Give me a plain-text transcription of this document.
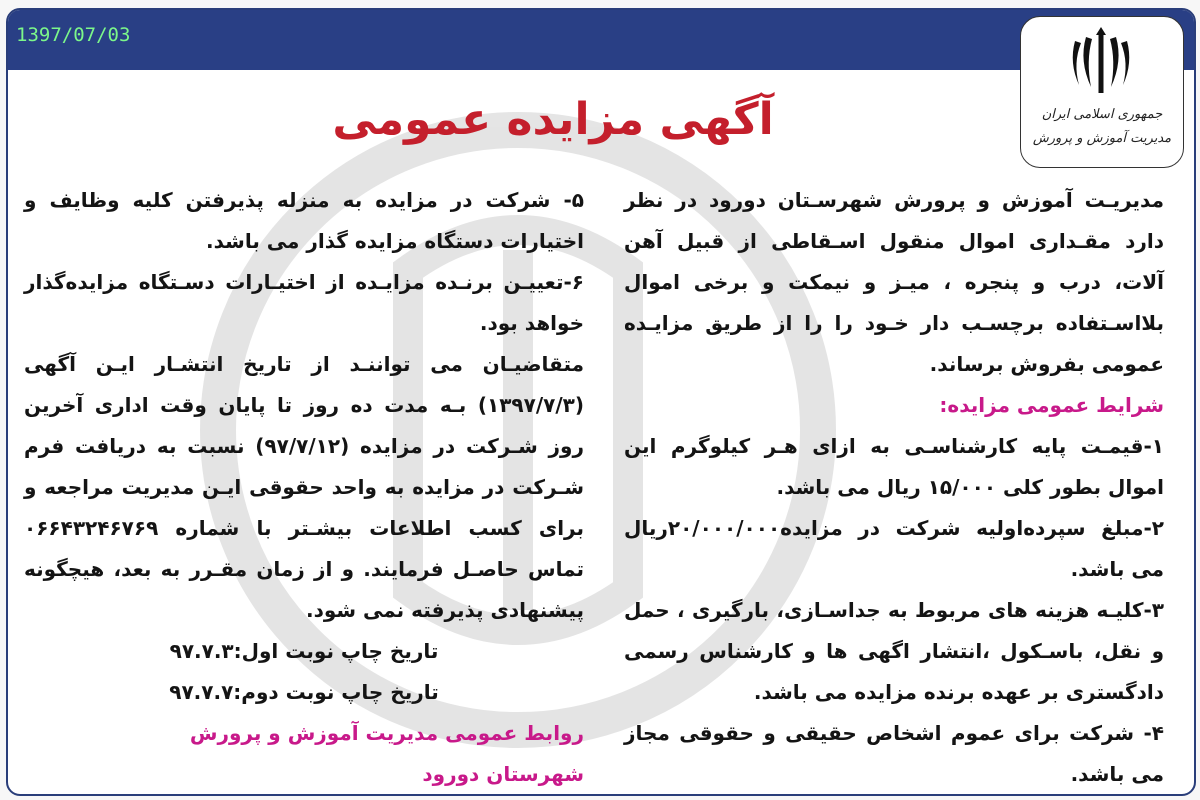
1397/07/03
جمهوری اسلامی ایران
مدیریت آموزش و پرورش
آگهی مزایده عمومی

مدیریـت آموزش و پرورش شهرسـتان دورود در نظر دارد مقـداری اموال منقول اسـقاطی از قبیل آهن آلات، درب و پنجره ، میـز و نیمکت و برخی اموال بلااسـتفاده برچسـب دار خـود را را از طریق مزایـده عمومی بفروش برساند.

شرایط عمومی مزایده:

۱-قیمـت پایه کارشناسـی به ازای هـر کیلوگرم این اموال بطور کلی ۱۵/۰۰۰ ریال می باشد.

۲-مبلغ سپرده‌اولیه شرکت در مزایده۲۰/۰۰۰/۰۰۰ریال می باشد.

۳-کلیـه هزینه های مربوط به جداسـازی، بارگیری ، حمل و نقل، باسـکول ،انتشار اگهی ها و کارشناس رسمی دادگستری بر عهده برنده مزایده می باشد.

۴- شرکت برای عموم اشخاص حقیقی و حقوقی مجاز می باشد.

۵- شرکت در مزایده به منزله پذیرفتن کلیه وظایف و اختیارات دستگاه مزایده گذار می باشد.

۶-تعییـن برنـده مزایـده از اختیـارات دسـتگاه مزایده‌گذار خواهد بود.

متقاضیـان می تواننـد از تاریخ انتشـار ایـن آگهی (۱۳۹۷/۷/۳) بـه مدت ده روز تا پایان وقت اداری آخرین روز شـرکت در مزایده (۹۷/۷/۱۲) نسبت به دریافت فرم شـرکت در مزایده به واحد حقوقی ایـن مدیریت مراجعه و برای کسب اطلاعات بیشـتر با شماره ۰۶۶۴۳۲۴۶۷۶۹ تماس حاصـل فرمایند. و از زمان مقـرر به بعد، هیچگونه پیشنهادی پذیرفته نمی شود.

تاریخ چاپ نوبت اول:۹۷.۷.۳

تاریخ چاپ نوبت دوم:۹۷.۷.۷

روابط عمومی مدیریت آموزش و پرورش

شهرستان دورود
